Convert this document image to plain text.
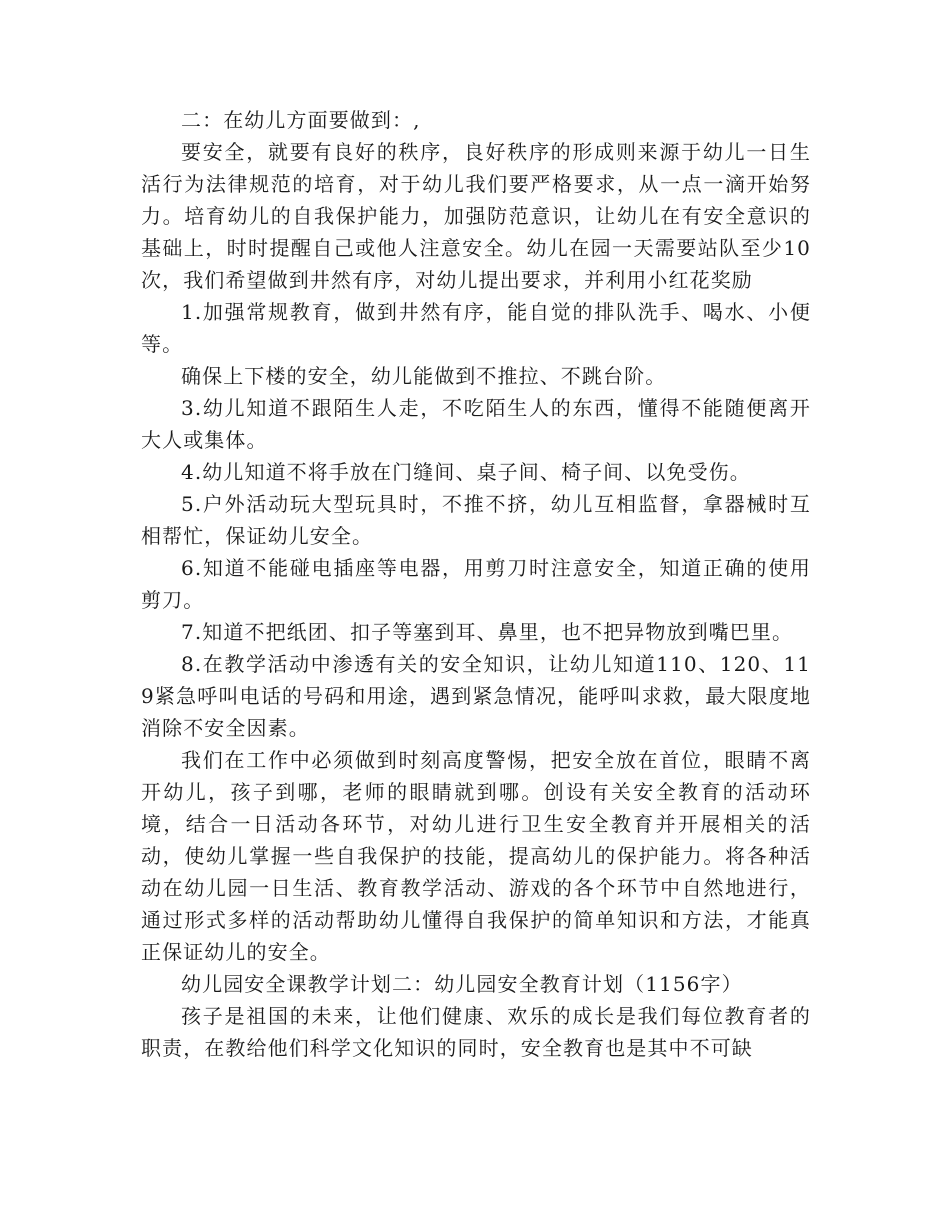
二：在幼儿方面要做到：,

要安全，就要有良好的秩序，良好秩序的形成则来源于幼儿一日生活行为法律规范的培育，对于幼儿我们要严格要求，从一点一滴开始努力。培育幼儿的自我保护能力，加强防范意识，让幼儿在有安全意识的基础上，时时提醒自己或他人注意安全。幼儿在园一天需要站队至少10次，我们希望做到井然有序，对幼儿提出要求，并利用小红花奖励

1.加强常规教育，做到井然有序，能自觉的排队洗手、喝水、小便等。

确保上下楼的安全，幼儿能做到不推拉、不跳台阶。

3.幼儿知道不跟陌生人走，不吃陌生人的东西，懂得不能随便离开大人或集体。

4.幼儿知道不将手放在门缝间、桌子间、椅子间、以免受伤。

5.户外活动玩大型玩具时，不推不挤，幼儿互相监督，拿器械时互相帮忙，保证幼儿安全。

6.知道不能碰电插座等电器，用剪刀时注意安全，知道正确的使用剪刀。

7.知道不把纸团、扣子等塞到耳、鼻里，也不把异物放到嘴巴里。

8.在教学活动中渗透有关的安全知识，让幼儿知道110、120、119紧急呼叫电话的号码和用途，遇到紧急情况，能呼叫求救，最大限度地消除不安全因素。

我们在工作中必须做到时刻高度警惕，把安全放在首位，眼睛不离开幼儿，孩子到哪，老师的眼睛就到哪。创设有关安全教育的活动环境，结合一日活动各环节，对幼儿进行卫生安全教育并开展相关的活动，使幼儿掌握一些自我保护的技能，提高幼儿的保护能力。将各种活动在幼儿园一日生活、教育教学活动、游戏的各个环节中自然地进行，通过形式多样的活动帮助幼儿懂得自我保护的简单知识和方法，才能真正保证幼儿的安全。

幼儿园安全课教学计划二：幼儿园安全教育计划（1156字）

孩子是祖国的未来，让他们健康、欢乐的成长是我们每位教育者的职责，在教给他们科学文化知识的同时，安全教育也是其中不可缺
